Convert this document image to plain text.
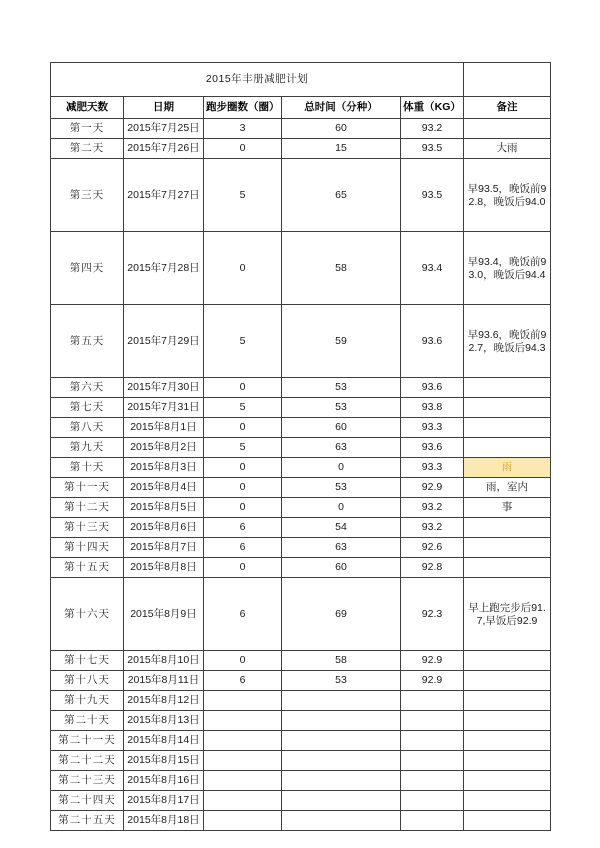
2015年丰册减肥计划					
减肥天数	日期	跑步圈数（圈）	总时间（分种）	体重（KG）	备注
第一天	2015年7月25日	3	60	93.2	
第二天	2015年7月26日	0	15	93.5	大雨
第三天	2015年7月27日	5	65	93.5	早93.5，晚饭前92.8，晚饭后94.0
第四天	2015年7月28日	0	58	93.4	早93.4，晚饭前93.0，晚饭后94.4
第五天	2015年7月29日	5	59	93.6	早93.6，晚饭前92.7，晚饭后94.3
第六天	2015年7月30日	0	53	93.6	
第七天	2015年7月31日	5	53	93.8	
第八天	2015年8月1日	0	60	93.3	
第九天	2015年8月2日	5	63	93.6	
第十天	2015年8月3日	0	0	93.3	雨
第十一天	2015年8月4日	0	53	92.9	雨，室内
第十二天	2015年8月5日	0	0	93.2	事
第十三天	2015年8月6日	6	54	93.2	
第十四天	2015年8月7日	6	63	92.6	
第十五天	2015年8月8日	0	60	92.8	
第十六天	2015年8月9日	6	69	92.3	早上跑完步后91.7,早饭后92.9
第十七天	2015年8月10日	0	58	92.9	
第十八天	2015年8月11日	6	53	92.9	
第十九天	2015年8月12日				
第二十天	2015年8月13日				
第二十一天	2015年8月14日				
第二十二天	2015年8月15日				
第二十三天	2015年8月16日				
第二十四天	2015年8月17日				
第二十五天	2015年8月18日				
